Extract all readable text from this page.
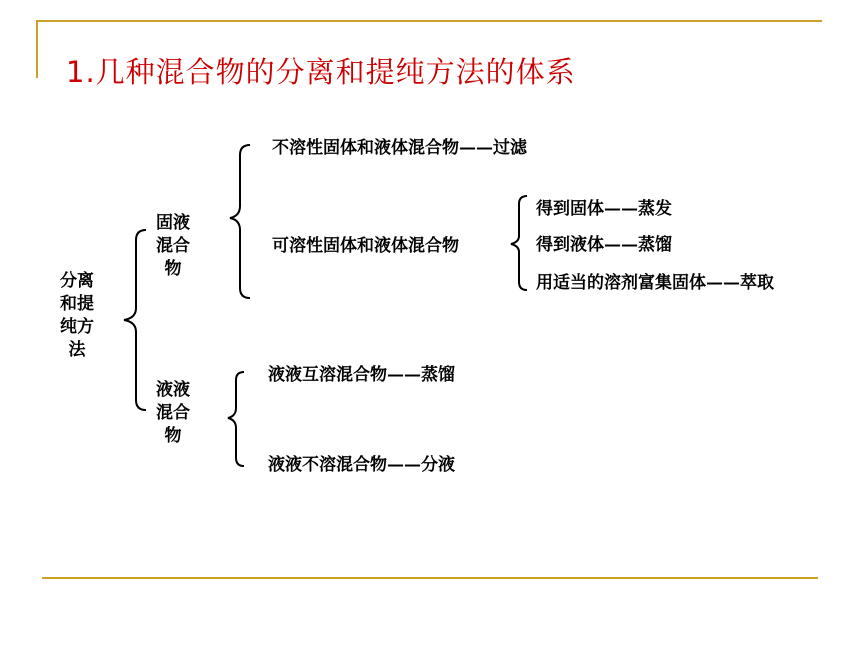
1.几种混合物的分离和提纯方法的体系
分离和提纯方法
固液混合物
液液混合物
不溶性固体和液体混合物——过滤
可溶性固体和液体混合物
得到固体——蒸发
得到液体——蒸馏
用适当的溶剂富集固体——萃取
液液互溶混合物——蒸馏
液液不溶混合物——分液
